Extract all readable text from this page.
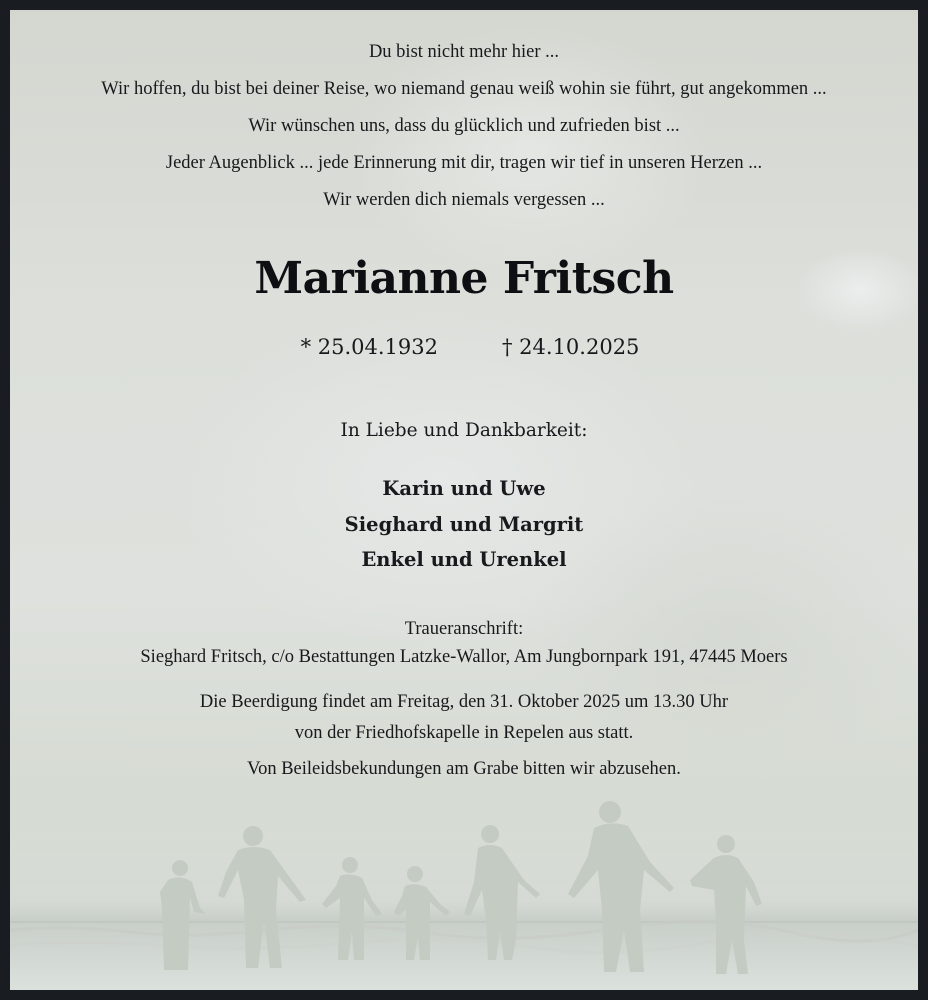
Du bist nicht mehr hier ...
Wir hoffen, du bist bei deiner Reise, wo niemand genau weiß wohin sie führt, gut angekommen ...
Wir wünschen uns, dass du glücklich und zufrieden bist ...
Jeder Augenblick ... jede Erinnerung mit dir, tragen wir tief in unseren Herzen ...
Wir werden dich niemals vergessen ...
Marianne Fritsch
* 25.04.1932	† 24.10.2025
In Liebe und Dankbarkeit:
Karin und Uwe
Sieghard und Margrit
Enkel und Urenkel
Traueranschrift:
Sieghard Fritsch, c/o Bestattungen Latzke-Wallor, Am Jungbornpark 191, 47445 Moers
Die Beerdigung findet am Freitag, den 31. Oktober 2025 um 13.30 Uhr
von der Friedhofskapelle in Repelen aus statt.
Von Beileidsbekundungen am Grabe bitten wir abzusehen.
